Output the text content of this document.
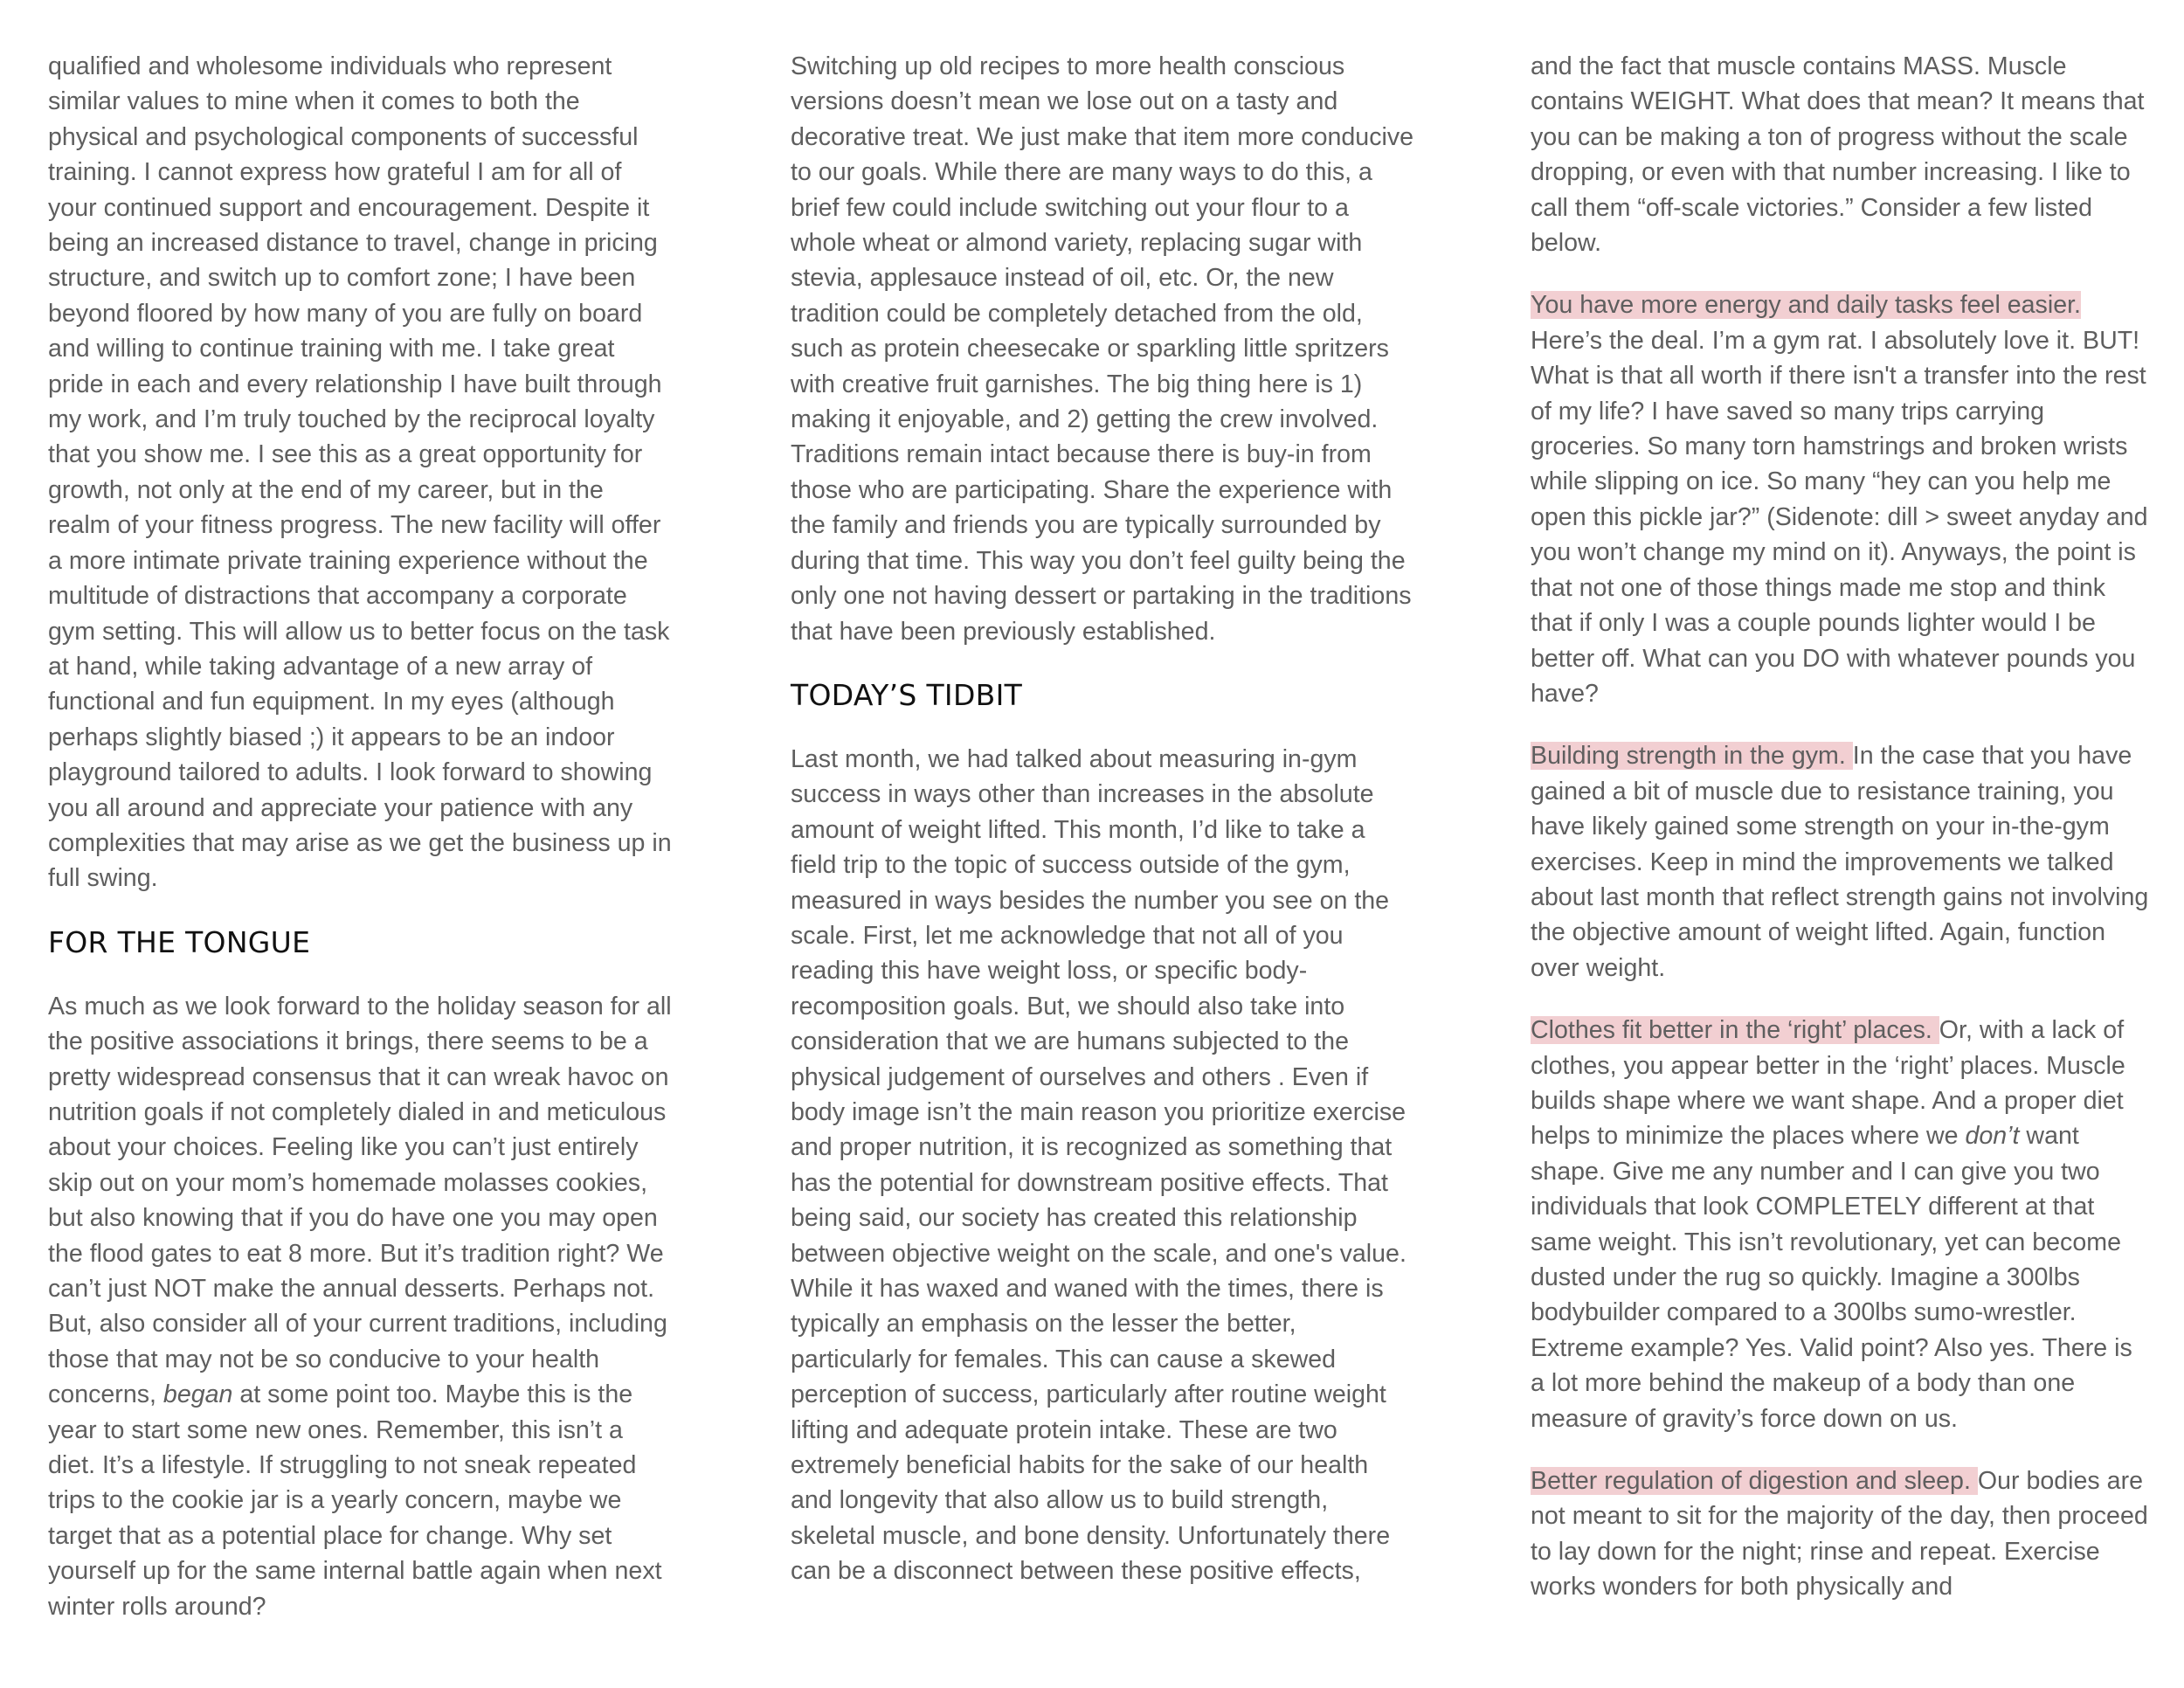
qualified and wholesome individuals who represent similar values to mine when it comes to both the physical and psychological components of successful training. I cannot express how grateful I am for all of your continued support and encouragement. Despite it being an increased distance to travel, change in pricing structure, and switch up to comfort zone; I have been beyond floored by how many of you are fully on board and willing to continue training with me. I take great pride in each and every relationship I have built through my work, and I’m truly touched by the reciprocal loyalty that you show me. I see this as a great opportunity for growth, not only at the end of my career, but in the realm of your fitness progress. The new facility will offer a more intimate private training experience without the multitude of distractions that accompany a corporate gym setting. This will allow us to better focus on the task at hand, while taking advantage of a new array of functional and fun equipment. In my eyes (although perhaps slightly biased ;) it appears to be an indoor playground tailored to adults. I look forward to showing you all around and appreciate your patience with any complexities that may arise as we get the business up in full swing.

FOR THE TONGUE

As much as we look forward to the holiday season for all the positive associations it brings, there seems to be a pretty widespread consensus that it can wreak havoc on nutrition goals if not completely dialed in and meticulous about your choices. Feeling like you can’t just entirely skip out on your mom’s homemade molasses cookies, but also knowing that if you do have one you may open the flood gates to eat 8 more. But it’s tradition right? We can’t just NOT make the annual desserts. Perhaps not. But, also consider all of your current traditions, including those that may not be so conducive to your health concerns, began at some point too. Maybe this is the year to start some new ones. Remember, this isn’t a diet. It’s a lifestyle. If struggling to not sneak repeated trips to the cookie jar is a yearly concern, maybe we target that as a potential place for change. Why set yourself up for the same internal battle again when next winter rolls around?

Switching up old recipes to more health conscious versions doesn’t mean we lose out on a tasty and decorative treat. We just make that item more conducive to our goals. While there are many ways to do this, a brief few could include switching out your flour to a whole wheat or almond variety, replacing sugar with stevia, applesauce instead of oil, etc. Or, the new tradition could be completely detached from the old, such as protein cheesecake or sparkling little spritzers with creative fruit garnishes. The big thing here is 1) making it enjoyable, and 2) getting the crew involved. Traditions remain intact because there is buy-in from those who are participating. Share the experience with the family and friends you are typically surrounded by during that time. This way you don’t feel guilty being the only one not having dessert or partaking in the traditions that have been previously established.

TODAY’S TIDBIT

Last month, we had talked about measuring in-gym success in ways other than increases in the absolute amount of weight lifted. This month, I’d like to take a field trip to the topic of success outside of the gym, measured in ways besides the number you see on the scale. First, let me acknowledge that not all of you reading this have weight loss, or specific body-recomposition goals. But, we should also take into consideration that we are humans subjected to the physical judgement of ourselves and others . Even if body image isn’t the main reason you prioritize exercise and proper nutrition, it is recognized as something that has the potential for downstream positive effects. That being said, our society has created this relationship between objective weight on the scale, and one's value. While it has waxed and waned with the times, there is typically an emphasis on the lesser the better, particularly for females. This can cause a skewed perception of success, particularly after routine weight lifting and adequate protein intake. These are two extremely beneficial habits for the sake of our health and longevity that also allow us to build strength, skeletal muscle, and bone density. Unfortunately there can be a disconnect between these positive effects,

and the fact that muscle contains MASS. Muscle contains WEIGHT. What does that mean? It means that you can be making a ton of progress without the scale dropping, or even with that number increasing. I like to call them “off-scale victories.” Consider a few listed below.

You have more energy and daily tasks feel easier.
Here’s the deal. I’m a gym rat. I absolutely love it. BUT! What is that all worth if there isn't a transfer into the rest of my life? I have saved so many trips carrying groceries. So many torn hamstrings and broken wrists while slipping on ice. So many “hey can you help me open this pickle jar?” (Sidenote: dill > sweet anyday and you won’t change my mind on it). Anyways, the point is that not one of those things made me stop and think that if only I was a couple pounds lighter would I be better off. What can you DO with whatever pounds you have?

Building strength in the gym. In the case that you have gained a bit of muscle due to resistance training, you have likely gained some strength on your in-the-gym exercises. Keep in mind the improvements we talked about last month that reflect strength gains not involving the objective amount of weight lifted. Again, function over weight.

Clothes fit better in the ‘right’ places. Or, with a lack of clothes, you appear better in the ‘right’ places. Muscle builds shape where we want shape. And a proper diet helps to minimize the places where we don’t want shape. Give me any number and I can give you two individuals that look COMPLETELY different at that same weight. This isn’t revolutionary, yet can become dusted under the rug so quickly. Imagine a 300lbs bodybuilder compared to a 300lbs sumo-wrestler. Extreme example? Yes. Valid point? Also yes. There is a lot more behind the makeup of a body than one measure of gravity’s force down on us.

Better regulation of digestion and sleep. Our bodies are not meant to sit for the majority of the day, then proceed to lay down for the night; rinse and repeat. Exercise works wonders for both physically and
